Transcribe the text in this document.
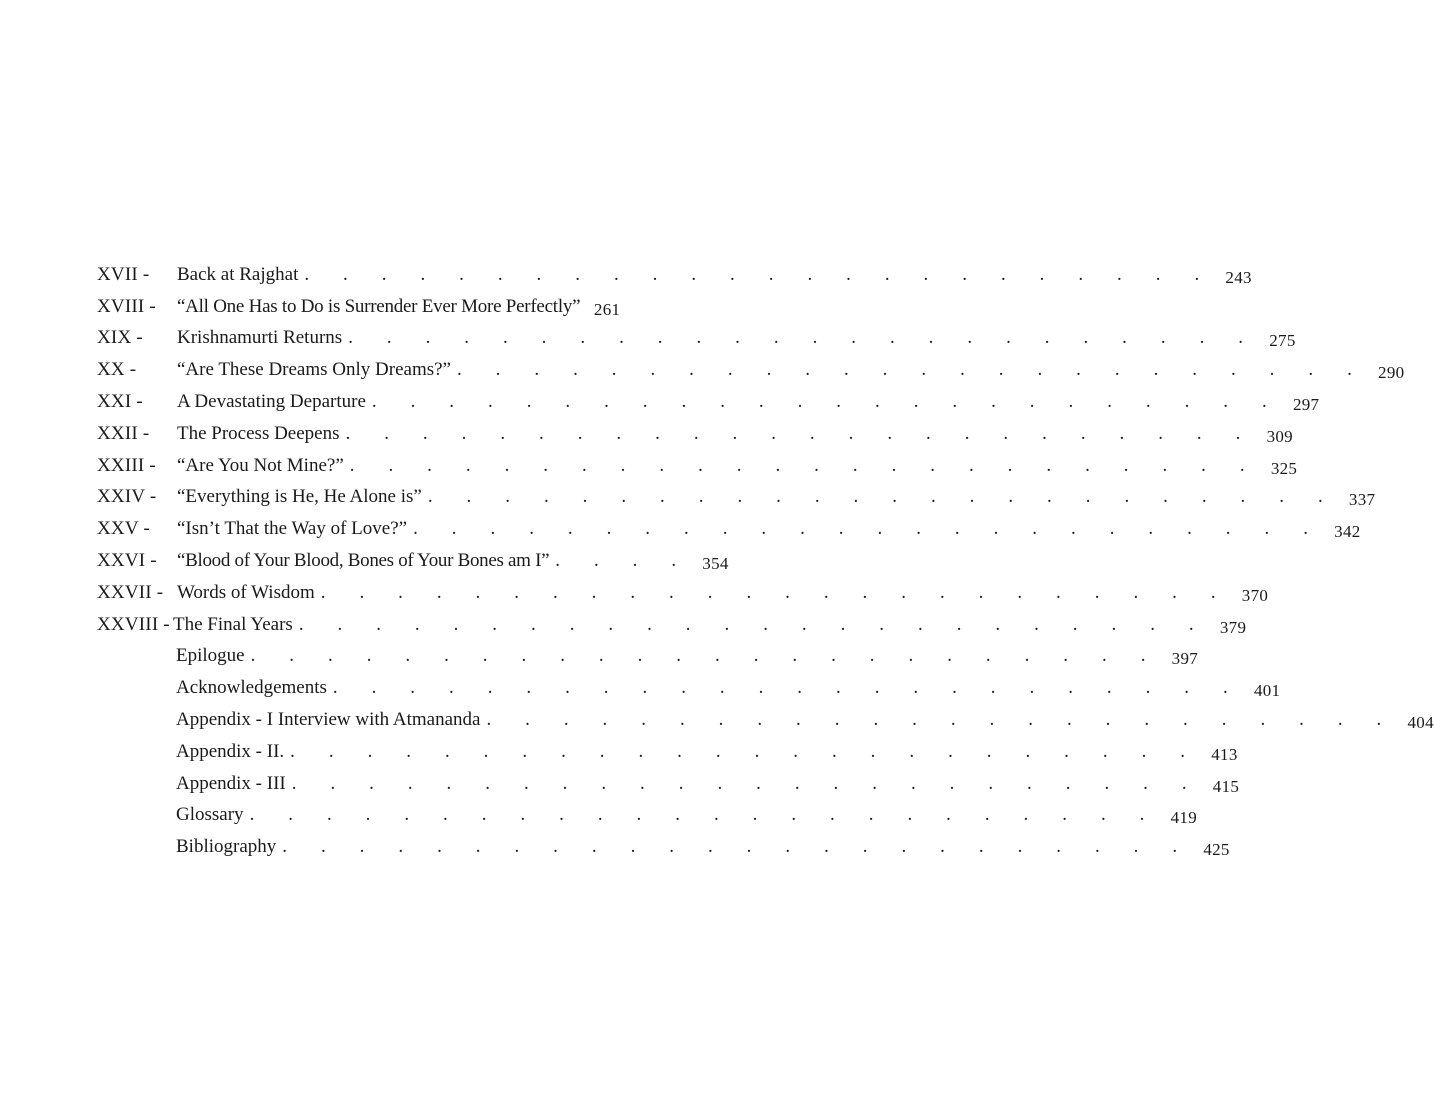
XVII -	Back at Rajghat . . . . . . . . . . . . . . . . . . . . . . . . 243
XVIII -	“All One Has to Do is Surrender Ever More Perfectly” 261
XIX -	Krishnamurti Returns . . . . . . . . . . . . . . . . . . . . . . . . 275
XX -	“Are These Dreams Only Dreams?” . . . . . . . . . . . . . . . . . . . . . . . . 290
XXI -	A Devastating Departure . . . . . . . . . . . . . . . . . . . . . . . . 297
XXII -	The Process Deepens . . . . . . . . . . . . . . . . . . . . . . . . 309
XXIII -	“Are You Not Mine?” . . . . . . . . . . . . . . . . . . . . . . . . 325
XXIV -	“Everything is He, He Alone is” . . . . . . . . . . . . . . . . . . . . . . . . 337
XXV -	“Isn’t That the Way of Love?” . . . . . . . . . . . . . . . . . . . . . . . . 342
XXVI -	“Blood of Your Blood, Bones of Your Bones am I” . . . . 354
XXVII - Words of Wisdom . . . . . . . . . . . . . . . . . . . . . . . . 370
XXVIII - The Final Years . . . . . . . . . . . . . . . . . . . . . . . . 379
Epilogue . . . . . . . . . . . . . . . . . . . . . . . . 397
Acknowledgements . . . . . . . . . . . . . . . . . . . . . . . . 401
Appendix - I Interview with Atmananda . . . . . . . . . . . . . . . . . . . . . . . . 404
Appendix - II. . . . . . . . . . . . . . . . . . . . . . . . . 413
Appendix - III . . . . . . . . . . . . . . . . . . . . . . . . 415
Glossary . . . . . . . . . . . . . . . . . . . . . . . . 419
Bibliography . . . . . . . . . . . . . . . . . . . . . . . . 425
